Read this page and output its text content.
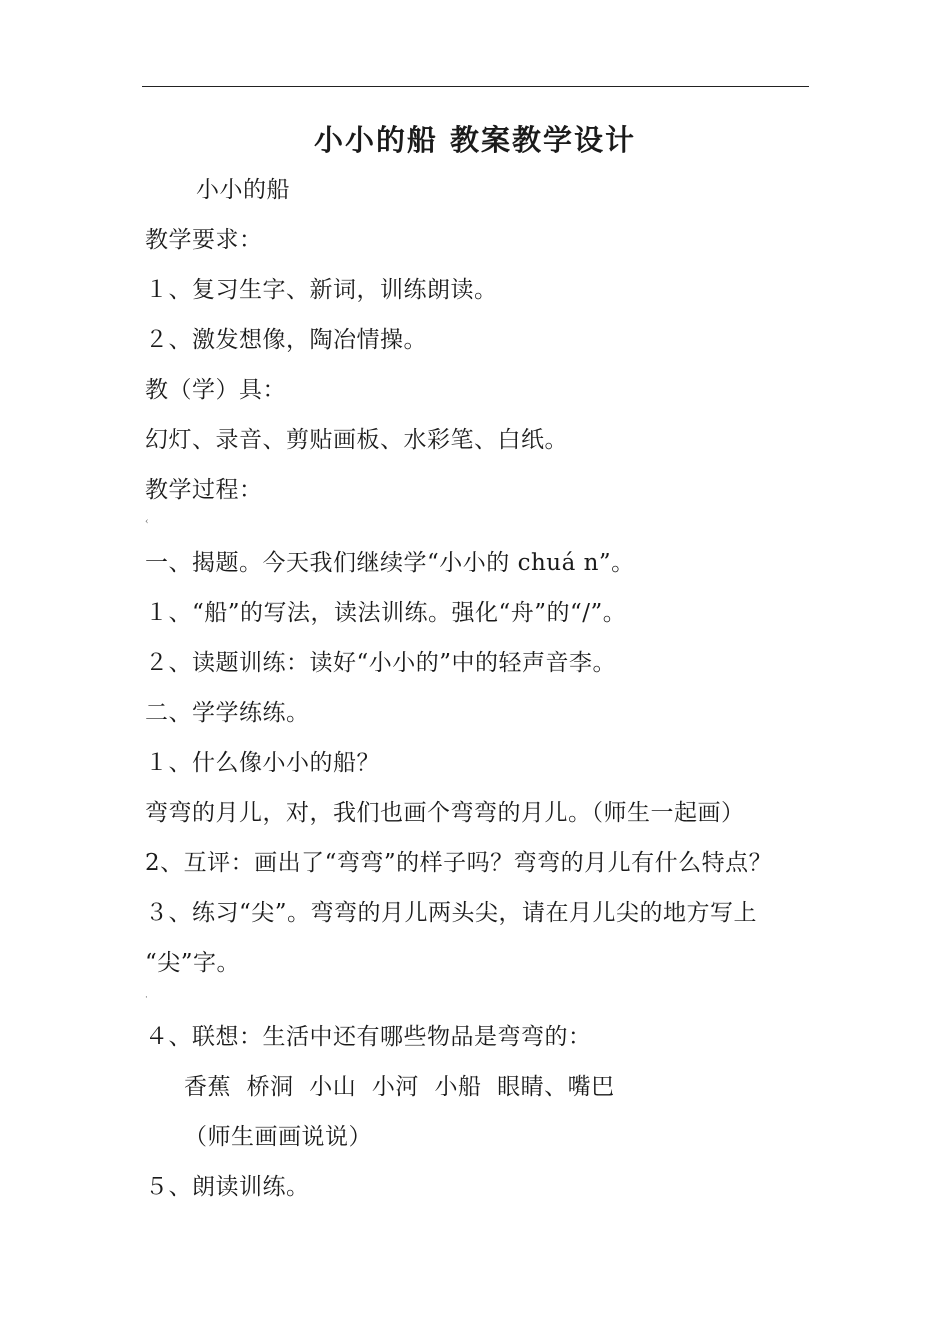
小小的船 教案教学设计
小小的船
教学要求：
１、复习生字、新词，训练朗读。
２、激发想像，陶冶情操。
教（学）具：
幻灯、录音、剪贴画板、水彩笔、白纸。
教学过程：
‹
一、揭题。今天我们继续学“小小的 chuá n”。
１、“船”的写法，读法训练。强化“舟”的“/”。
２、读题训练：读好“小小的”中的轻声音李。
二、学学练练。
１、什么像小小的船？
弯弯的月儿，对，我们也画个弯弯的月儿。（师生一起画）
2、互评：画出了“弯弯”的样子吗？弯弯的月儿有什么特点？
３、练习“尖”。弯弯的月儿两头尖，请在月儿尖的地方写上
“尖”字。
·
４、联想：生活中还有哪些物品是弯弯的：
香蕉  桥洞  小山  小河  小船  眼睛、嘴巴
（师生画画说说）
５、朗读训练。
